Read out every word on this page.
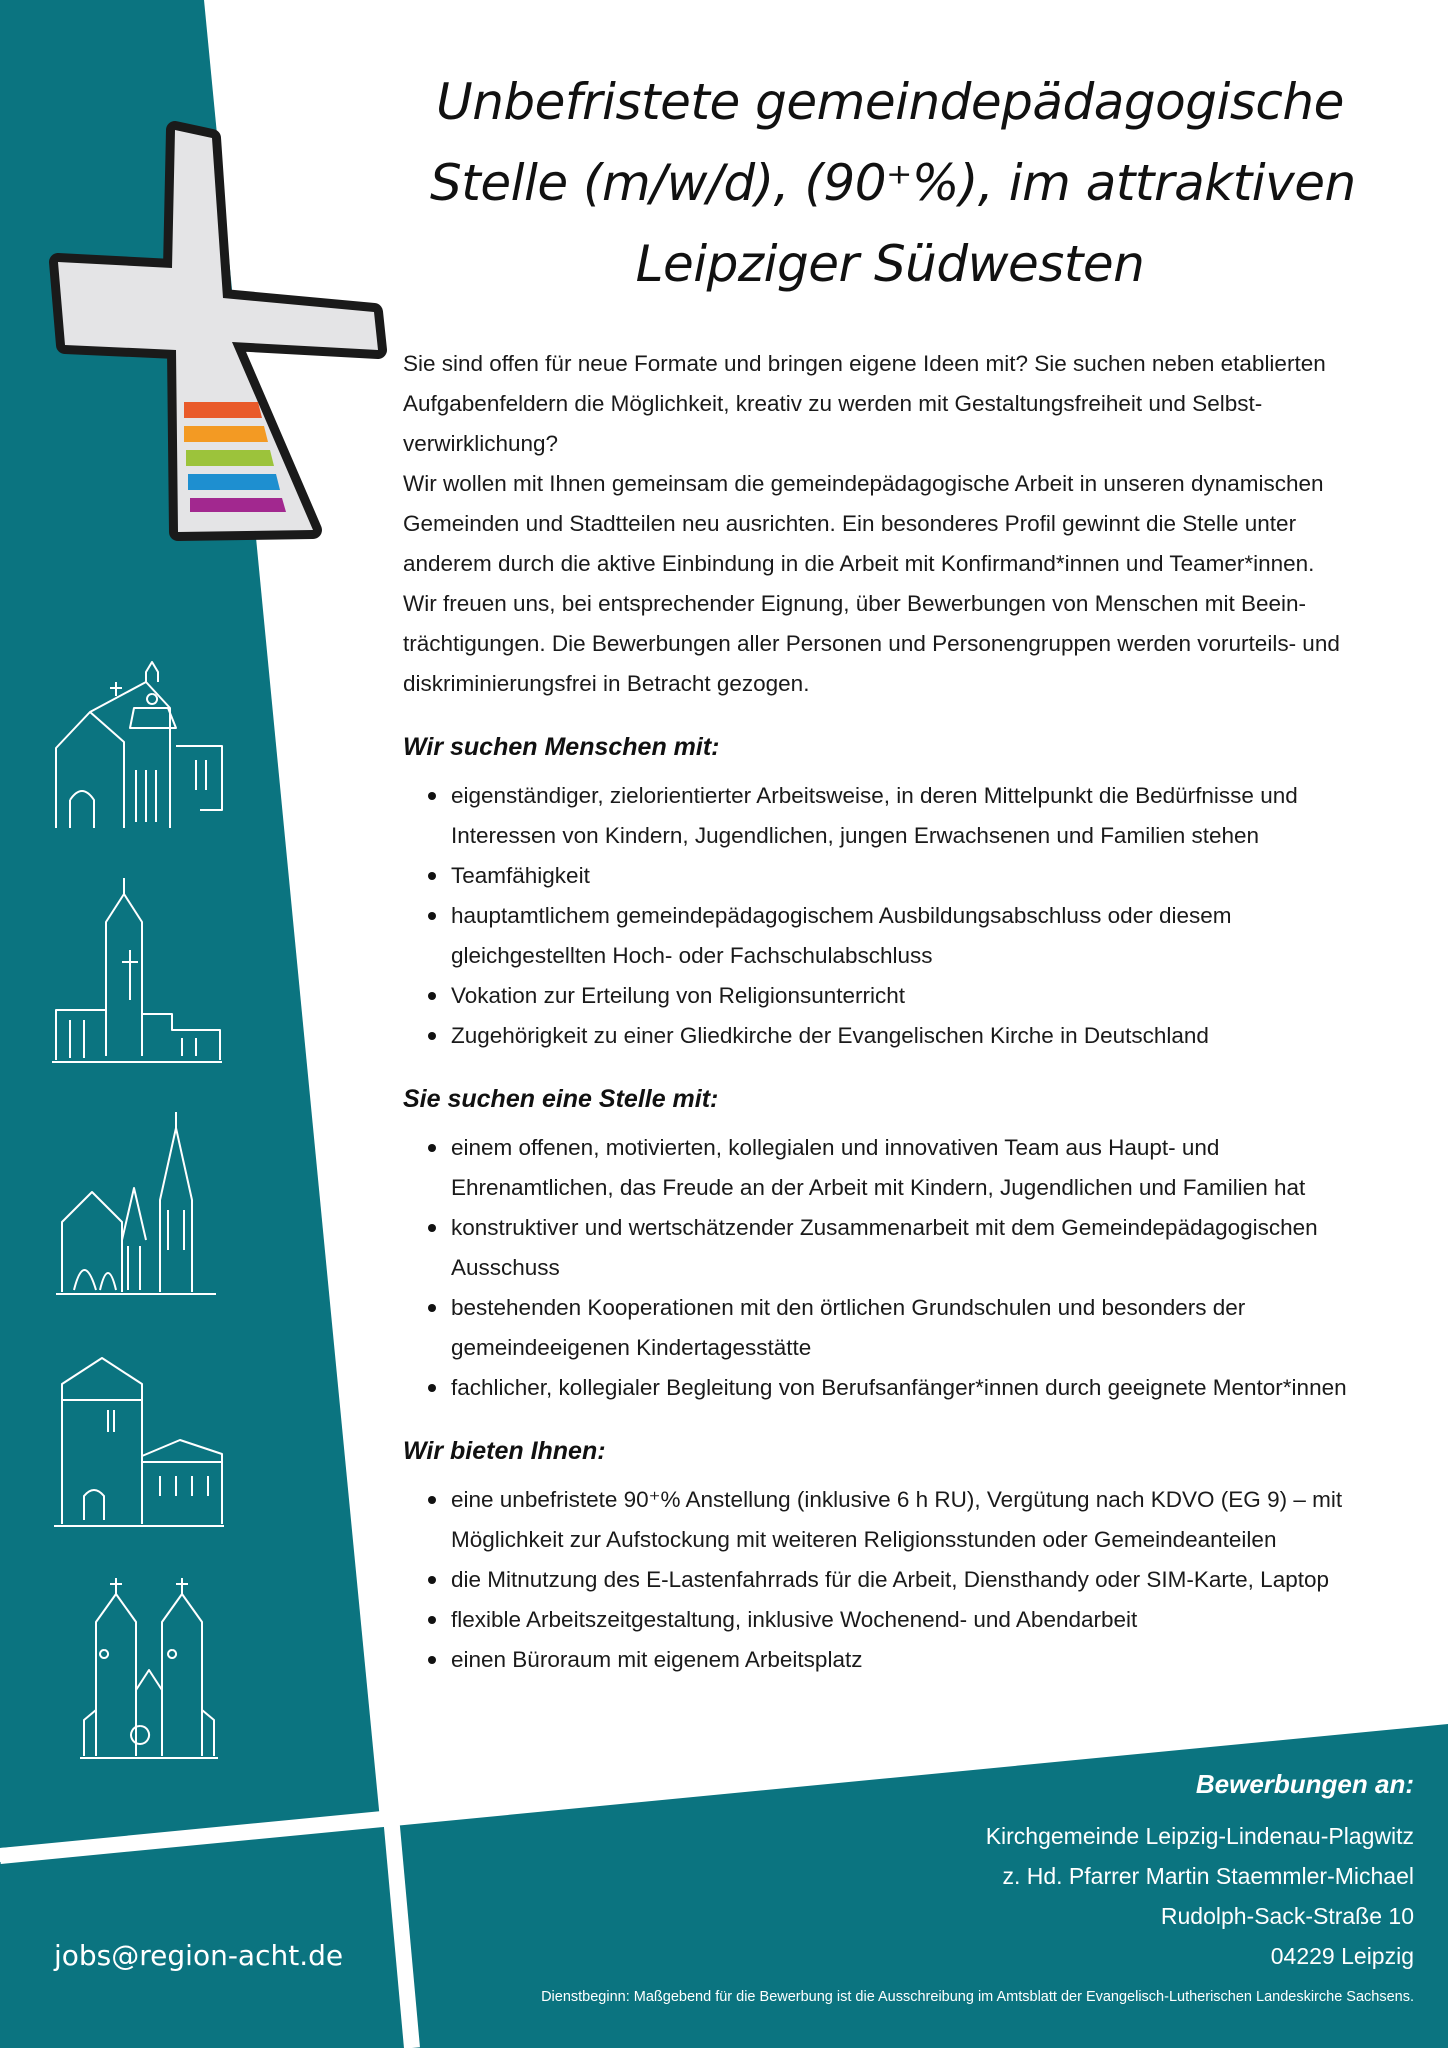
Unbefristete gemeindepädagogische
Stelle (m/w/d), (90⁺%), im attraktiven
Leipziger Südwesten

Sie sind offen für neue Formate und bringen eigene Ideen mit? Sie suchen neben etablierten Aufgabenfeldern die Möglichkeit, kreativ zu werden mit Gestaltungsfreiheit und Selbst-verwirklichung?

Wir wollen mit Ihnen gemeinsam die gemeindepädagogische Arbeit in unseren dynamischen Gemeinden und Stadtteilen neu ausrichten. Ein besonderes Profil gewinnt die Stelle unter anderem durch die aktive Einbindung in die Arbeit mit Konfirmand*innen und Teamer*innen.

Wir freuen uns, bei entsprechender Eignung, über Bewerbungen von Menschen mit Beein-trächtigungen. Die Bewerbungen aller Personen und Personengruppen werden vorurteils- und diskriminierungsfrei in Betracht gezogen.

Wir suchen Menschen mit:
eigenständiger, zielorientierter Arbeitsweise, in deren Mittelpunkt die Bedürfnisse und Interessen von Kindern, Jugendlichen, jungen Erwachsenen und Familien stehen
Teamfähigkeit
hauptamtlichem gemeindepädagogischem Ausbildungsabschluss oder diesem gleichgestellten Hoch- oder Fachschulabschluss
Vokation zur Erteilung von Religionsunterricht
Zugehörigkeit zu einer Gliedkirche der Evangelischen Kirche in Deutschland
Sie suchen eine Stelle mit:
einem offenen, motivierten, kollegialen und innovativen Team aus Haupt- und Ehrenamtlichen, das Freude an der Arbeit mit Kindern, Jugendlichen und Familien hat
konstruktiver und wertschätzender Zusammenarbeit mit dem Gemeindepädagogischen Ausschuss
bestehenden Kooperationen mit den örtlichen Grundschulen und besonders der gemeindeeigenen Kindertagesstätte
fachlicher, kollegialer Begleitung von Berufsanfänger*innen durch geeignete Mentor*innen
Wir bieten Ihnen:
eine unbefristete 90⁺% Anstellung (inklusive 6 h RU), Vergütung nach KDVO (EG 9) – mit Möglichkeit zur Aufstockung mit weiteren Religionsstunden oder Gemeindeanteilen
die Mitnutzung des E-Lastenfahrrads für die Arbeit, Diensthandy oder SIM-Karte, Laptop
flexible Arbeitszeitgestaltung, inklusive Wochenend- und Abendarbeit
einen Büroraum mit eigenem Arbeitsplatz
Bewerbungen an:
Kirchgemeinde Leipzig-Lindenau-Plagwitz
z. Hd. Pfarrer Martin Staemmler-Michael
Rudolph-Sack-Straße 10
04229 Leipzig
jobs@region-acht.de
Dienstbeginn: Maßgebend für die Bewerbung ist die Ausschreibung im Amtsblatt der Evangelisch-Lutherischen Landeskirche Sachsens.
